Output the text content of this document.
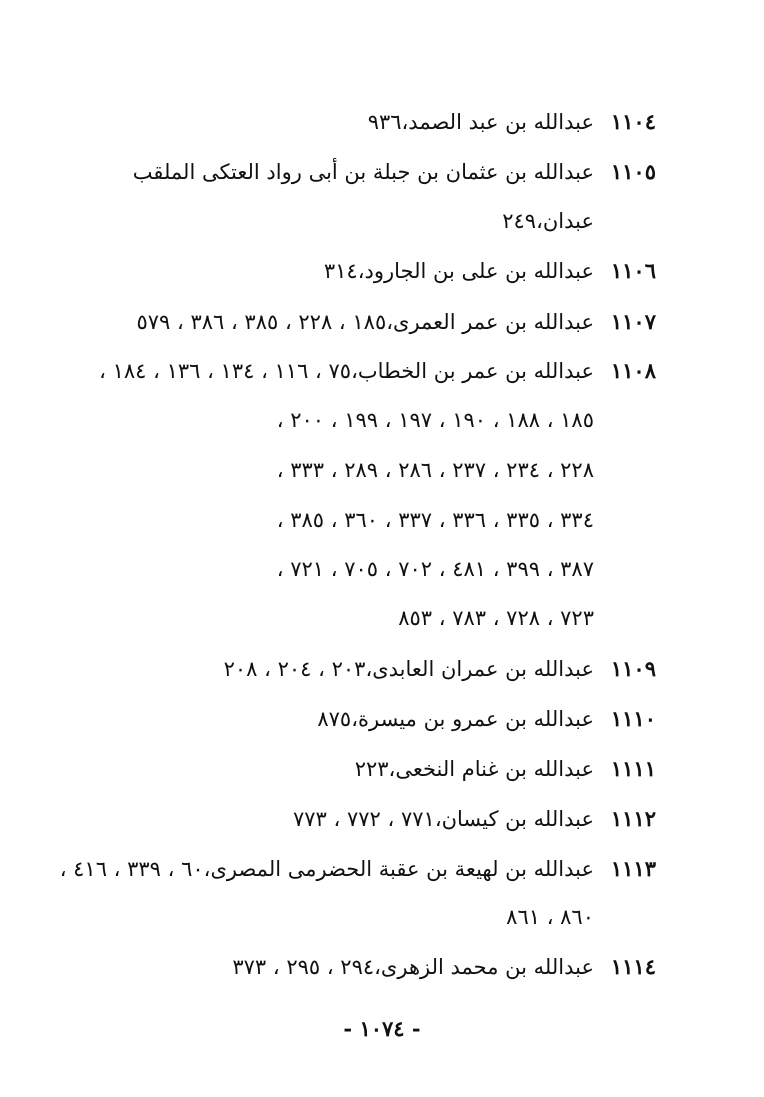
١١٠٤عبدالله بن عبد الصمد،٩٣٦
١١٠٥عبدالله بن عثمان بن جبلة بن أبى رواد العتكى الملقب
عبدان،٢٤٩
١١٠٦عبدالله بن على بن الجارود،٣١٤
١١٠٧عبدالله بن عمر العمرى،١٨٥ ، ٢٢٨ ، ٣٨٥ ، ٣٨٦ ، ٥٧٩
١١٠٨عبدالله بن عمر بن الخطاب،٧٥ ، ١١٦ ، ١٣٤ ، ١٣٦ ، ١٨٤ ،
١٨٥ ، ١٨٨ ، ١٩٠ ، ١٩٧ ، ١٩٩ ، ٢٠٠ ،
٢٢٨ ، ٢٣٤ ، ٢٣٧ ، ٢٨٦ ، ٢٨٩ ، ٣٣٣ ،
٣٣٤ ، ٣٣٥ ، ٣٣٦ ، ٣٣٧ ، ٣٦٠ ، ٣٨٥ ،
٣٨٧ ، ٣٩٩ ، ٤٨١ ، ٧٠٢ ، ٧٠٥ ، ٧٢١ ،
٧٢٣ ، ٧٢٨ ، ٧٨٣ ، ٨٥٣
١١٠٩عبدالله بن عمران العابدى،٢٠٣ ، ٢٠٤ ، ٢٠٨
١١١٠عبدالله بن عمرو بن ميسرة،٨٧٥
١١١١عبدالله بن غنام النخعى،٢٢٣
١١١٢عبدالله بن كيسان،٧٧١ ، ٧٧٢ ، ٧٧٣
١١١٣عبدالله بن لهيعة بن عقبة الحضرمى المصرى،٦٠ ، ٣٣٩ ، ٤١٦ ،
٨٦٠ ، ٨٦١
١١١٤عبدالله بن محمد الزهرى،٢٩٤ ، ٢٩٥ ، ٣٧٣
- ١٠٧٤ -
